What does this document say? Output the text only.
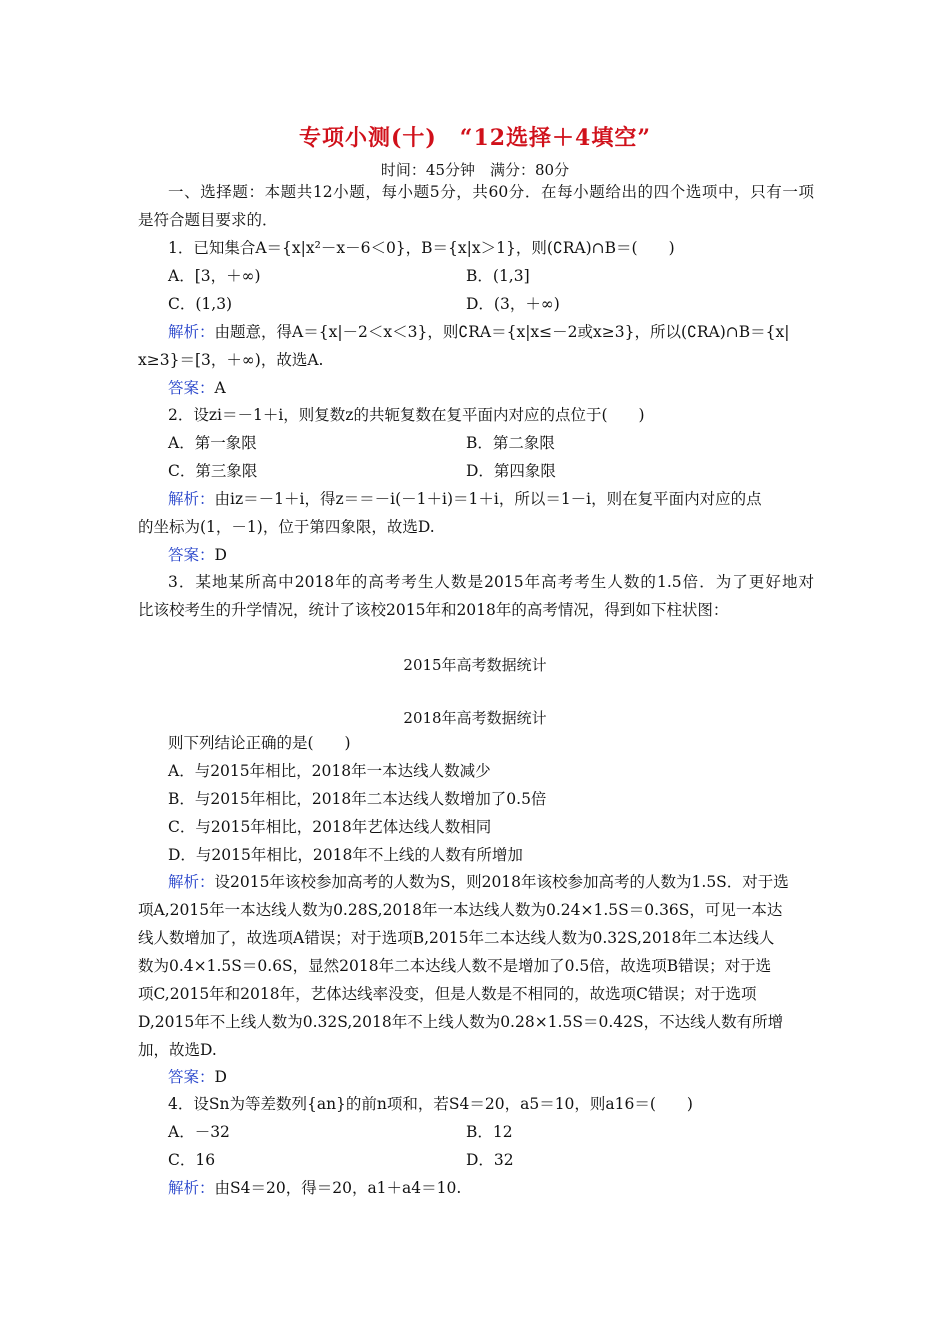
专项小测(十)　“12选择＋4填空”
时间：45分钟　满分：80分
一、选择题：本题共12小题，每小题5分，共60分．在每小题给出的四个选项中，只有一项
是符合题目要求的．
1．已知集合A＝{x|x²－x－6＜0}，B＝{x|x＞1}，则(∁RA)∩B＝(　　)
A．[3，＋∞)	B．(1,3]
C．(1,3)	D．(3，＋∞)
解析：由题意，得A＝{x|－2＜x＜3}，则∁RA＝{x|x≤－2或x≥3}，所以(∁RA)∩B＝{x|
x≥3}＝[3，＋∞)，故选A.
答案：A
2．设zi＝－1＋i，则复数z的共轭复数在复平面内对应的点位于(　　)
A．第一象限	B．第二象限
C．第三象限	D．第四象限
解析：由iz＝－1＋i，得z＝＝－i(－1＋i)＝1＋i，所以＝1－i，则在复平面内对应的点
的坐标为(1，－1)，位于第四象限，故选D.
答案：D
3．某地某所高中2018年的高考考生人数是2015年高考考生人数的1.5倍．为了更好地对
比该校考生的升学情况，统计了该校2015年和2018年的高考情况，得到如下柱状图：
2015年高考数据统计
2018年高考数据统计
则下列结论正确的是(　　)
A．与2015年相比，2018年一本达线人数减少
B．与2015年相比，2018年二本达线人数增加了0.5倍
C．与2015年相比，2018年艺体达线人数相同
D．与2015年相比，2018年不上线的人数有所增加
解析：设2015年该校参加高考的人数为S，则2018年该校参加高考的人数为1.5S．对于选
项A,2015年一本达线人数为0.28S,2018年一本达线人数为0.24×1.5S＝0.36S，可见一本达
线人数增加了，故选项A错误；对于选项B,2015年二本达线人数为0.32S,2018年二本达线人
数为0.4×1.5S＝0.6S，显然2018年二本达线人数不是增加了0.5倍，故选项B错误；对于选
项C,2015年和2018年，艺体达线率没变，但是人数是不相同的，故选项C错误；对于选项
D,2015年不上线人数为0.32S,2018年不上线人数为0.28×1.5S＝0.42S，不达线人数有所增
加，故选D.
答案：D
4．设Sn为等差数列{an}的前n项和，若S4＝20，a5＝10，则a16＝(　　)
A．－32	B．12
C．16	D．32
解析：由S4＝20，得＝20，a1＋a4＝10.
